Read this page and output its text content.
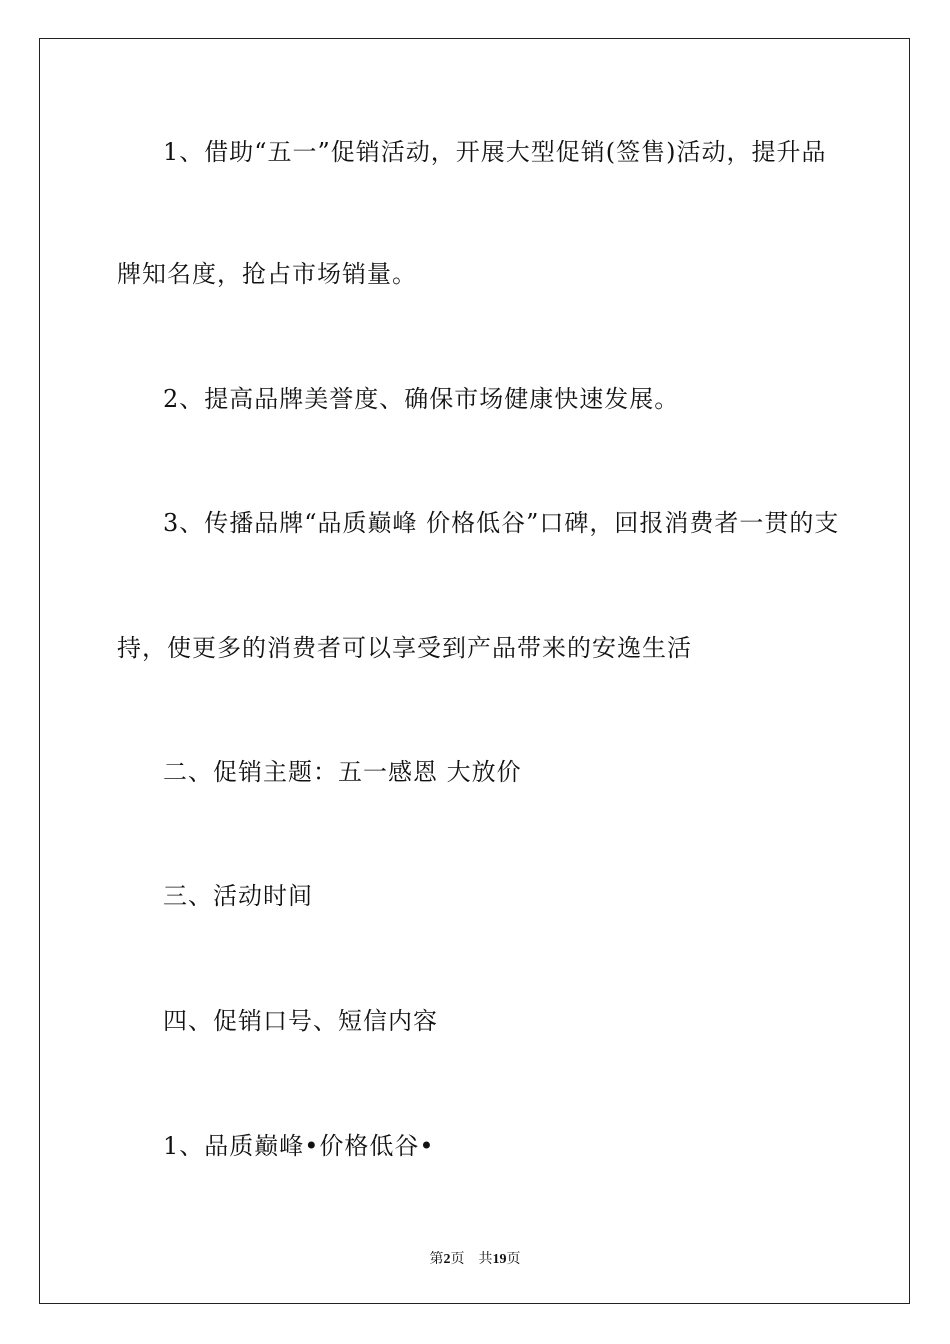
1、借助“五一”促销活动，开展大型促销(签售)活动，提升品
牌知名度，抢占市场销量。
2、提高品牌美誉度、确保市场健康快速发展。
3、传播品牌“品质巅峰 价格低谷”口碑，回报消费者一贯的支
持，使更多的消费者可以享受到产品带来的安逸生活
二、促销主题：五一感恩 大放价
三、活动时间
四、促销口号、短信内容
1、品质巅峰•价格低谷•
第2页 共19页
